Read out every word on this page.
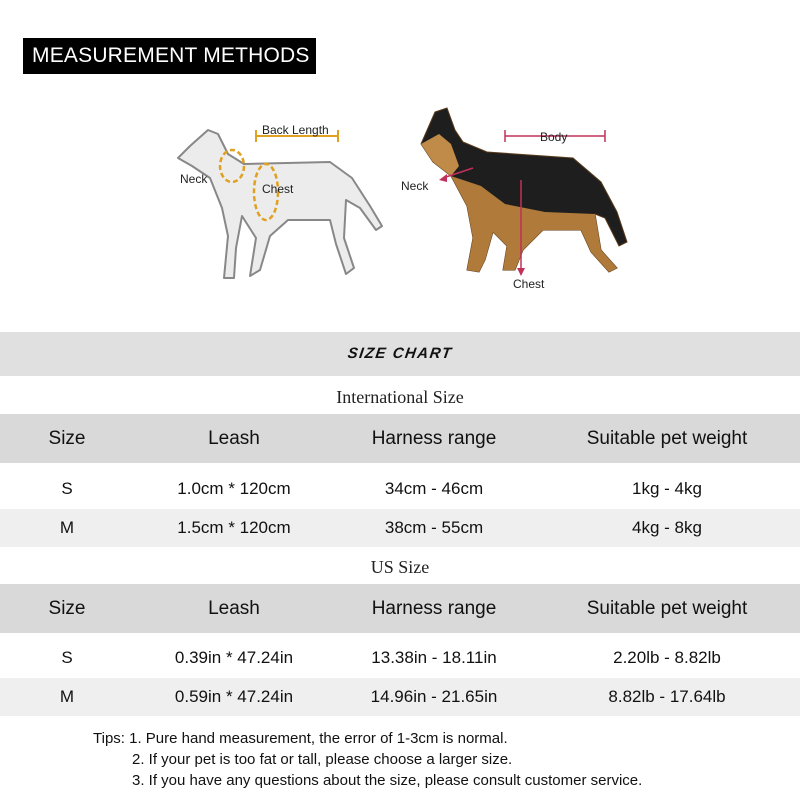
MEASUREMENT METHODS
Back Length
Neck
Chest
Body
Neck
Chest
SIZE CHART
International Size
Size	Leash	Harness range	Suitable pet weight
S	1.0cm * 120cm	34cm - 46cm	1kg - 4kg
M	1.5cm * 120cm	38cm - 55cm	4kg - 8kg
US Size
Size	Leash	Harness range	Suitable pet weight
S	0.39in * 47.24in	13.38in - 18.11in	2.20lb - 8.82lb
M	0.59in * 47.24in	14.96in - 21.65in	8.82lb - 17.64lb
Tips: 1. Pure hand measurement, the error of 1-3cm is normal.
2. If your pet is too fat or tall, please choose a larger size.
3. If you have any questions about the size, please consult customer service.
